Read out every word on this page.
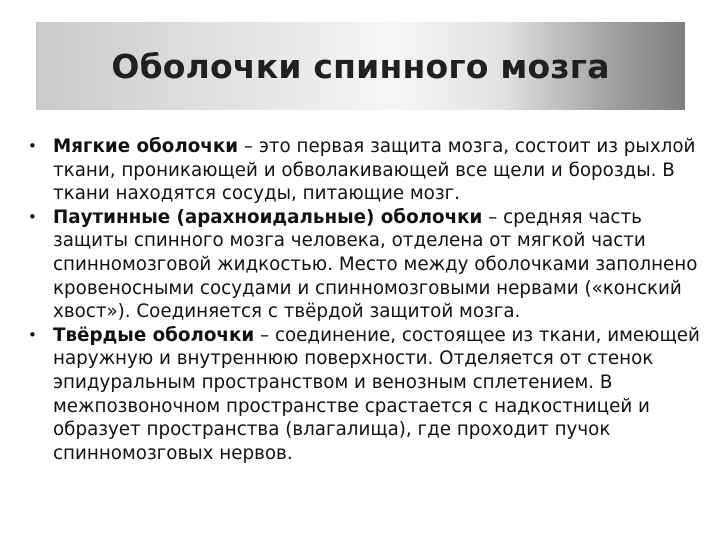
Оболочки спинного мозга
• Мягкие оболочки – это первая защита мозга, состоит из рыхлой ткани, проникающей и обволакивающей все щели и борозды. В ткани находятся сосуды, питающие мозг.
• Паутинные (арахноидальные) оболочки – средняя часть защиты спинного мозга человека, отделена от мягкой части спинномозговой жидкостью. Место между оболочками заполнено кровеносными сосудами и спинномозговыми нервами («конский хвост»). Соединяется с твёрдой защитой мозга.
• Твёрдые оболочки – соединение, состоящее из ткани, имеющей наружную и внутреннюю поверхности. Отделяется от стенок эпидуральным пространством и венозным сплетением. В межпозвоночном пространстве срастается с надкостницей и образует пространства (влагалища), где проходит пучок спинномозговых нервов.
